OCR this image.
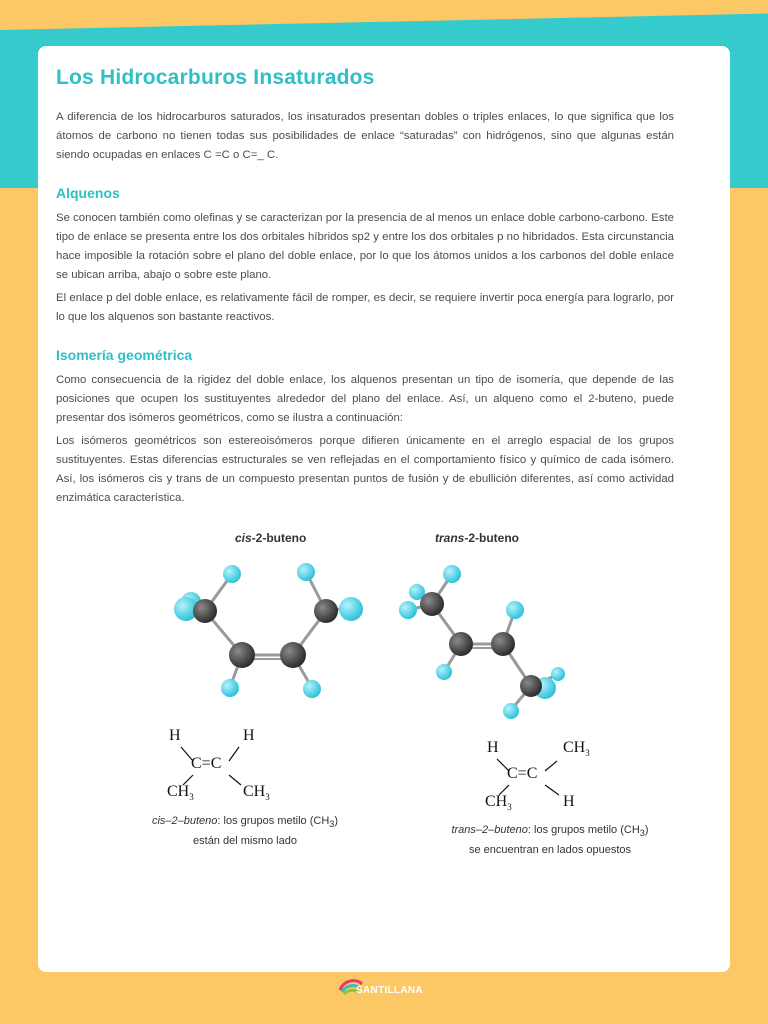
Los Hidrocarburos Insaturados

A diferencia de los hidrocarburos saturados, los insaturados presentan dobles o triples enlaces, lo que significa que los átomos de carbono no tienen todas sus posibilidades de enlace “saturadas” con hidrógenos, sino que algunas están siendo ocupadas en enlaces C =C o C=_ C.

Alquenos

Se conocen también como olefinas y se caracterizan por la presencia de al menos un enlace doble carbono-carbono. Este tipo de enlace se presenta entre los dos orbitales híbridos sp2 y entre los dos orbitales p no hibridados. Esta circunstancia hace imposible la rotación sobre el plano del doble enlace, por lo que los átomos unidos a los carbonos del doble enlace se ubican arriba, abajo o sobre este plano.

El enlace p del doble enlace, es relativamente fácil de romper, es decir, se requiere invertir poca energía para lograrlo, por lo que los alquenos son bastante reactivos.

Isomería geométrica

Como consecuencia de la rigidez del doble enlace, los alquenos presentan un tipo de isomería, que depende de las posiciones que ocupen los sustituyentes alrededor del plano del enlace. Así, un alqueno como el 2-buteno, puede presentar dos isómeros geométricos, como se ilustra a continuación:

Los isómeros geométricos son estereoisómeros porque difieren únicamente en el arreglo espacial de los grupos sustituyentes. Estas diferencias estructurales se ven reflejadas en el comportamiento físico y químico de cada isómero. Así, los isómeros cis y trans de un compuesto presentan puntos de fusión y de ebullición diferentes, así como actividad enzimática característica.

cis-2-buteno	trans-2-buteno
H	H
C=C
$CH_3$	$CH_3$
H	$CH_3$
C=C
$CH_3$	H
cis–2–buteno: los grupos metilo $(CH_3)$
están del mismo lado
trans–2–buteno: los grupos metilo $(CH_3)$
se encuentran en lados opuestos
SANTILLANA
